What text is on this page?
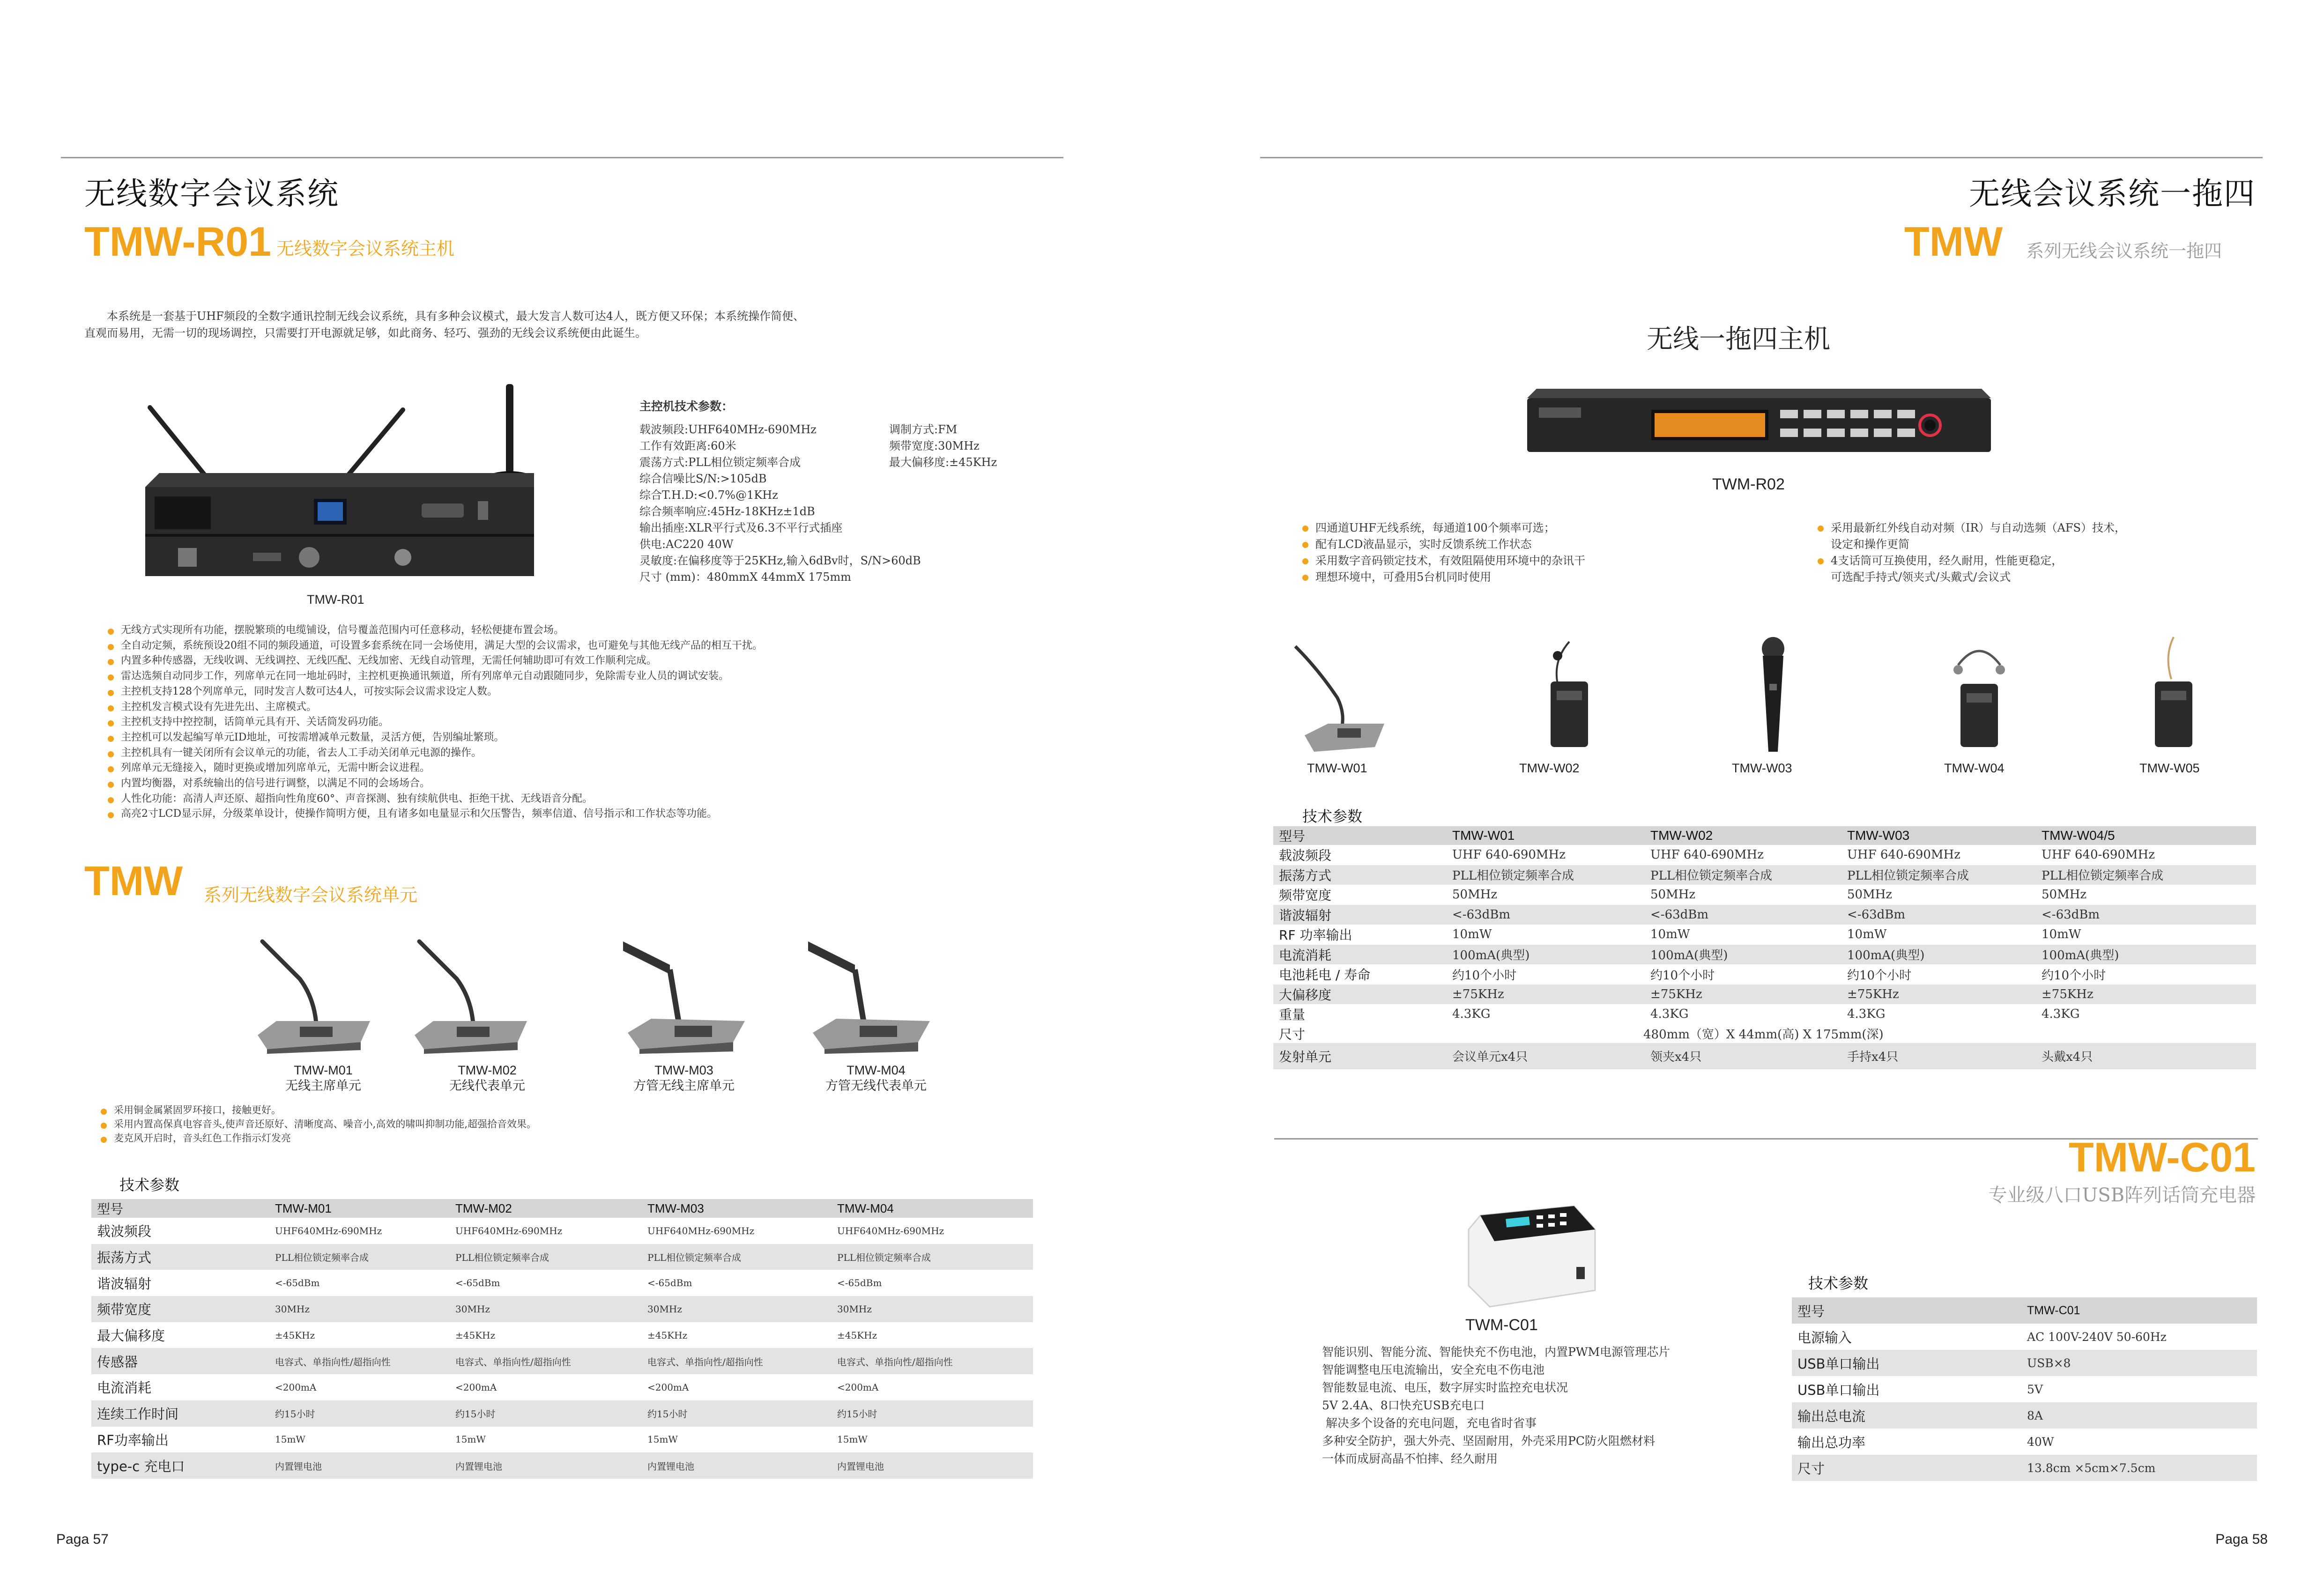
无线数字会议系统
TMW-R01 无线数字会议系统主机
本系统是一套基于UHF频段的全数字通讯控制无线会议系统，具有多种会议模式，最大发言人数可达4人，既方便又环保；本系统操作简便、
直观而易用，无需一切的现场调控，只需要打开电源就足够，如此商务、轻巧、强劲的无线会议系统便由此诞生。
TMW-R01
主控机技术参数：
载波频段:UHF640MHz-690MHz
工作有效距离:60米
震荡方式:PLL相位锁定频率合成
综合信噪比S/N:>105dB
综合T.H.D:<0.7%@1KHz
综合频率响应:45Hz-18KHz±1dB
输出插座:XLR平行式及6.3不平行式插座
供电:AC220 40W
灵敏度:在偏移度等于25KHz,输入6dBv时，S/N>60dB
尺寸 (mm)：480mmX 44mmX 175mm
调制方式:FM
频带宽度:30MHz
最大偏移度:±45KHz
无线方式实现所有功能，摆脱繁琐的电缆铺设，信号覆盖范围内可任意移动，轻松便捷布置会场。
全自动定频，系统预设20组不同的频段通道，可设置多套系统在同一会场使用，满足大型的会议需求，也可避免与其他无线产品的相互干扰。
内置多种传感器，无线收调、无线调控、无线匹配、无线加密、无线自动管理，无需任何辅助即可有效工作顺利完成。
雷达选频自动同步工作，列席单元在同一地址码时，主控机更换通讯频道，所有列席单元自动跟随同步，免除需专业人员的调试安装。
主控机支持128个列席单元，同时发言人数可达4人，可按实际会议需求设定人数。
主控机发言模式设有先进先出、主席模式。
主控机支持中控控制，话筒单元具有开、关话筒发码功能。
主控机可以发起编写单元ID地址，可按需增减单元数量，灵活方便，告别编址繁琐。
主控机具有一键关闭所有会议单元的功能，省去人工手动关闭单元电源的操作。
列席单元无缝接入，随时更换或增加列席单元，无需中断会议进程。
内置均衡器，对系统输出的信号进行调整，以满足不同的会场场合。
人性化功能：高清人声还原、超指向性角度60°、声音探测、独有续航供电、拒绝干扰、无线语音分配。
高亮2寸LCD显示屏，分级菜单设计，使操作简明方便，且有诸多如电量显示和欠压警告，频率信道、信号指示和工作状态等功能。
TMW 系列无线数字会议系统单元
TMW-M01
无线主席单元
TMW-M02
无线代表单元
TMW-M03
方管无线主席单元
TMW-M04
方管无线代表单元
采用铜金属紧固罗环接口，接触更好。
采用内置高保真电容音头,使声音还原好、清晰度高、噪音小,高效的啸叫抑制功能,超强拾音效果。
麦克风开启时，音头红色工作指示灯发亮
技术参数
型号	TMW-M01	TMW-M02	TMW-M03	TMW-M04
载波频段	UHF640MHz-690MHz	UHF640MHz-690MHz	UHF640MHz-690MHz	UHF640MHz-690MHz
振荡方式	PLL相位锁定频率合成	PLL相位锁定频率合成	PLL相位锁定频率合成	PLL相位锁定频率合成
谐波辐射	<-65dBm	<-65dBm	<-65dBm	<-65dBm
频带宽度	30MHz	30MHz	30MHz	30MHz
最大偏移度	±45KHz	±45KHz	±45KHz	±45KHz
传感器	电容式、单指向性/超指向性	电容式、单指向性/超指向性	电容式、单指向性/超指向性	电容式、单指向性/超指向性
电流消耗	<200mA	<200mA	<200mA	<200mA
连续工作时间	约15小时	约15小时	约15小时	约15小时
RF功率输出	15mW	15mW	15mW	15mW
type-c 充电口	内置锂电池	内置锂电池	内置锂电池	内置锂电池
Paga 57
无线会议系统一拖四
TMW 系列无线会议系统一拖四
无线一拖四主机
TWM-R02
四通道UHF无线系统，每通道100个频率可选；
配有LCD液晶显示，实时反馈系统工作状态
采用数字音码锁定技术，有效阻隔使用环境中的杂讯干
理想环境中，可叠用5台机同时使用
采用最新红外线自动对频（IR）与自动选频（AFS）技术，
设定和操作更简
4支话筒可互换使用，经久耐用，性能更稳定，
可选配手持式/领夹式/头戴式/会议式
TMW-W01	TMW-W02	TMW-W03	TMW-W04	TMW-W05
技术参数
型号	TMW-W01	TMW-W02	TMW-W03	TMW-W04/5
载波频段	UHF 640-690MHz	UHF 640-690MHz	UHF 640-690MHz	UHF 640-690MHz
振荡方式	PLL相位锁定频率合成	PLL相位锁定频率合成	PLL相位锁定频率合成	PLL相位锁定频率合成
频带宽度	50MHz	50MHz	50MHz	50MHz
谐波辐射	<-63dBm	<-63dBm	<-63dBm	<-63dBm
RF 功率输出	10mW	10mW	10mW	10mW
电流消耗	100mA(典型)	100mA(典型)	100mA(典型)	100mA(典型)
电池耗电 / 寿命	约10个小时	约10个小时	约10个小时	约10个小时
大偏移度	±75KHz	±75KHz	±75KHz	±75KHz
重量	4.3KG	4.3KG	4.3KG	4.3KG
尺寸	480mm（宽）X 44mm(高) X 175mm(深)			
发射单元	会议单元x4只	领夹x4只	手持x4只	头戴x4只
TMW-C01
专业级八口USB阵列话筒充电器
TWM-C01
智能识别、智能分流、智能快充不伤电池，内置PWM电源管理芯片
智能调整电压电流输出，安全充电不伤电池
智能数显电流、电压，数字屏实时监控充电状况
5V 2.4A、8口快充USB充电口
解决多个设备的充电问题，充电省时省事
多种安全防护，强大外壳、坚固耐用，外壳采用PC防火阻燃材料
一体而成厨高晶不怕摔、经久耐用
技术参数
型号	TMW-C01
电源输入	AC 100V-240V 50-60Hz
USB单口输出	USB×8
USB单口输出	5V
输出总电流	8A
输出总功率	40W
尺寸	13.8cm ×5cm×7.5cm
Paga 58
